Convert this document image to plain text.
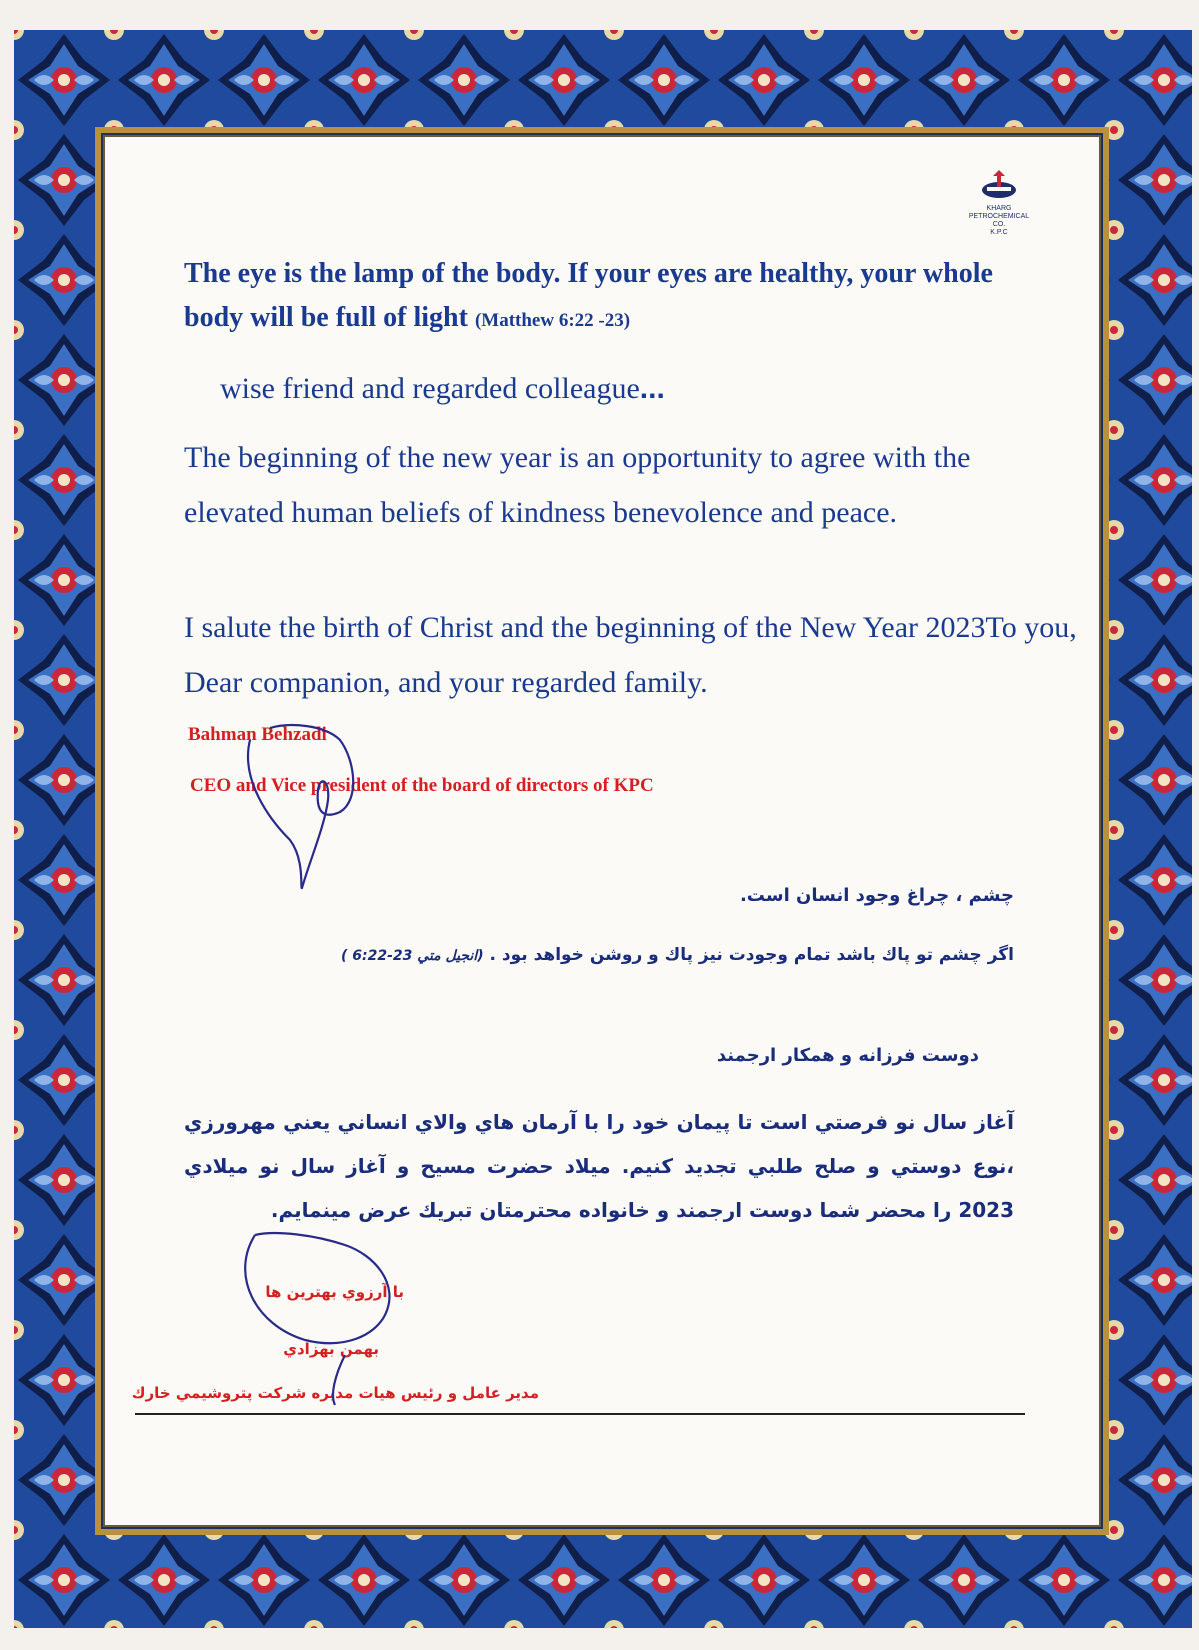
KHARG PETROCHEMICAL CO.
K.P.C
The eye is the lamp of the body. If your eyes are healthy, your whole body will be full of light (Matthew 6:22 -23)
wise friend and regarded colleague...
The beginning of the new year is an opportunity to agree with the elevated human beliefs of kindness benevolence and peace.
I salute the birth of Christ and the beginning of the New Year 2023To you, Dear companion, and your regarded family.
Bahman Behzadi
CEO and Vice president of the board of directors of KPC
چشم ، چراغ وجود انسان است.
اگر چشم تو پاك باشد تمام وجودت نيز پاك و روشن خواهد بود . (انجيل متي 23-6:22 )
دوست فرزانه و همكار ارجمند
آغاز سال نو فرصتي است تا پيمان خود را با آرمان هاي والاي انساني يعني مهرورزي ،نوع دوستي و صلح طلبي تجديد كنيم. ميلاد حضرت مسيح و آغاز سال نو ميلادي 2023 را محضر شما دوست ارجمند و خانواده محترمتان تبريك عرض مينمايم.
با آرزوي بهترين ها
بهمن بهزادي
مدير عامل و رئيس هيات مديره شركت پتروشيمي خارك
